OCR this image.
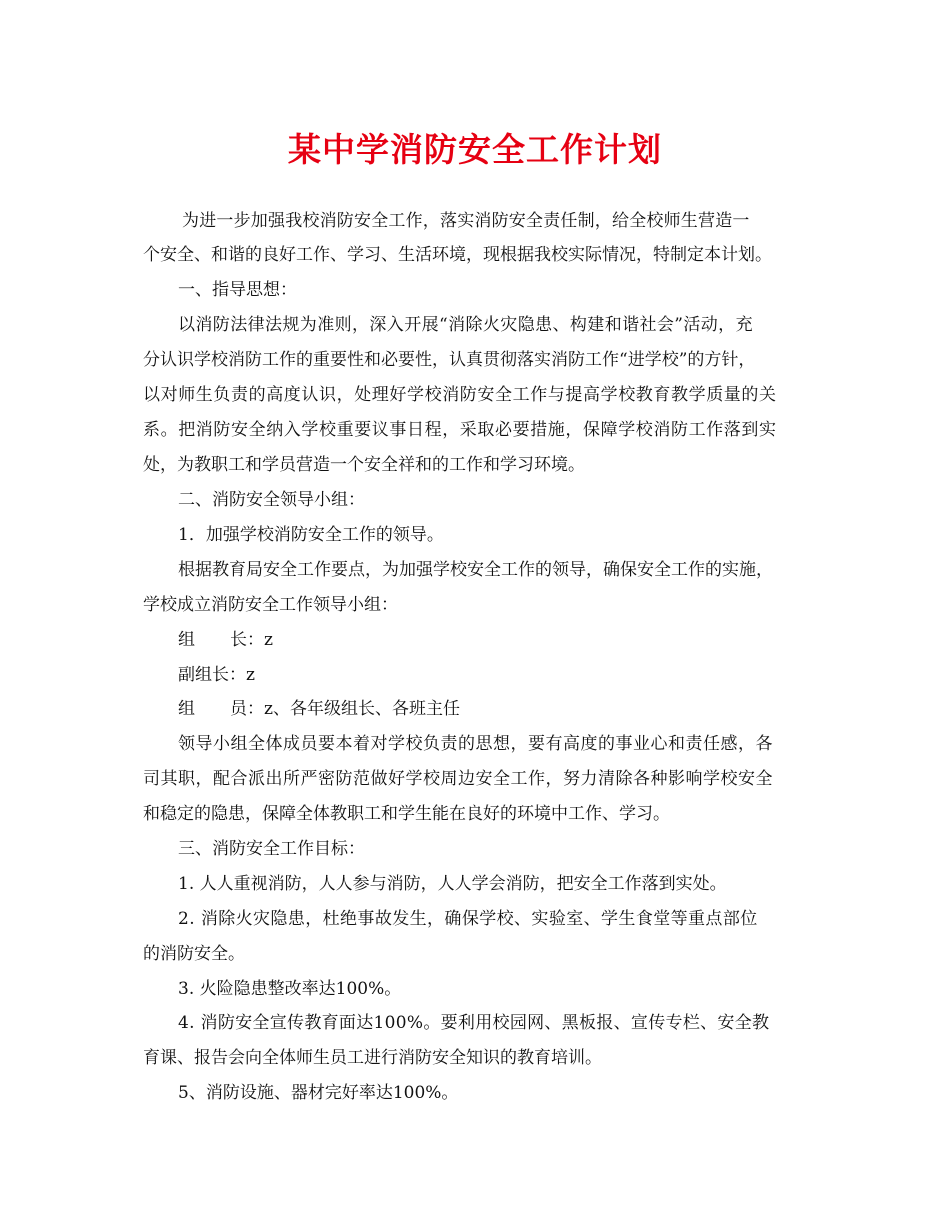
某中学消防安全工作计划
为进一步加强我校消防安全工作，落实消防安全责任制，给全校师生营造一
个安全、和谐的良好工作、学习、生活环境，现根据我校实际情况，特制定本计划。
一、指导思想：
以消防法律法规为准则，深入开展“消除火灾隐患、构建和谐社会”活动，充
分认识学校消防工作的重要性和必要性，认真贯彻落实消防工作“进学校”的方针，
以对师生负责的高度认识，处理好学校消防安全工作与提高学校教育教学质量的关
系。把消防安全纳入学校重要议事日程，采取必要措施，保障学校消防工作落到实
处，为教职工和学员营造一个安全祥和的工作和学习环境。
二、消防安全领导小组：
1．加强学校消防安全工作的领导。
根据教育局安全工作要点，为加强学校安全工作的领导，确保安全工作的实施，
学校成立消防安全工作领导小组：
组 长：z
副组长：z
组 员：z、各年级组长、各班主任
领导小组全体成员要本着对学校负责的思想，要有高度的事业心和责任感，各
司其职，配合派出所严密防范做好学校周边安全工作，努力清除各种影响学校安全
和稳定的隐患，保障全体教职工和学生能在良好的环境中工作、学习。
三、消防安全工作目标：
1. 人人重视消防，人人参与消防，人人学会消防，把安全工作落到实处。
2. 消除火灾隐患，杜绝事故发生，确保学校、实验室、学生食堂等重点部位
的消防安全。
3. 火险隐患整改率达100%。
4. 消防安全宣传教育面达100%。要利用校园网、黑板报、宣传专栏、安全教
育课、报告会向全体师生员工进行消防安全知识的教育培训。
5、消防设施、器材完好率达100%。
